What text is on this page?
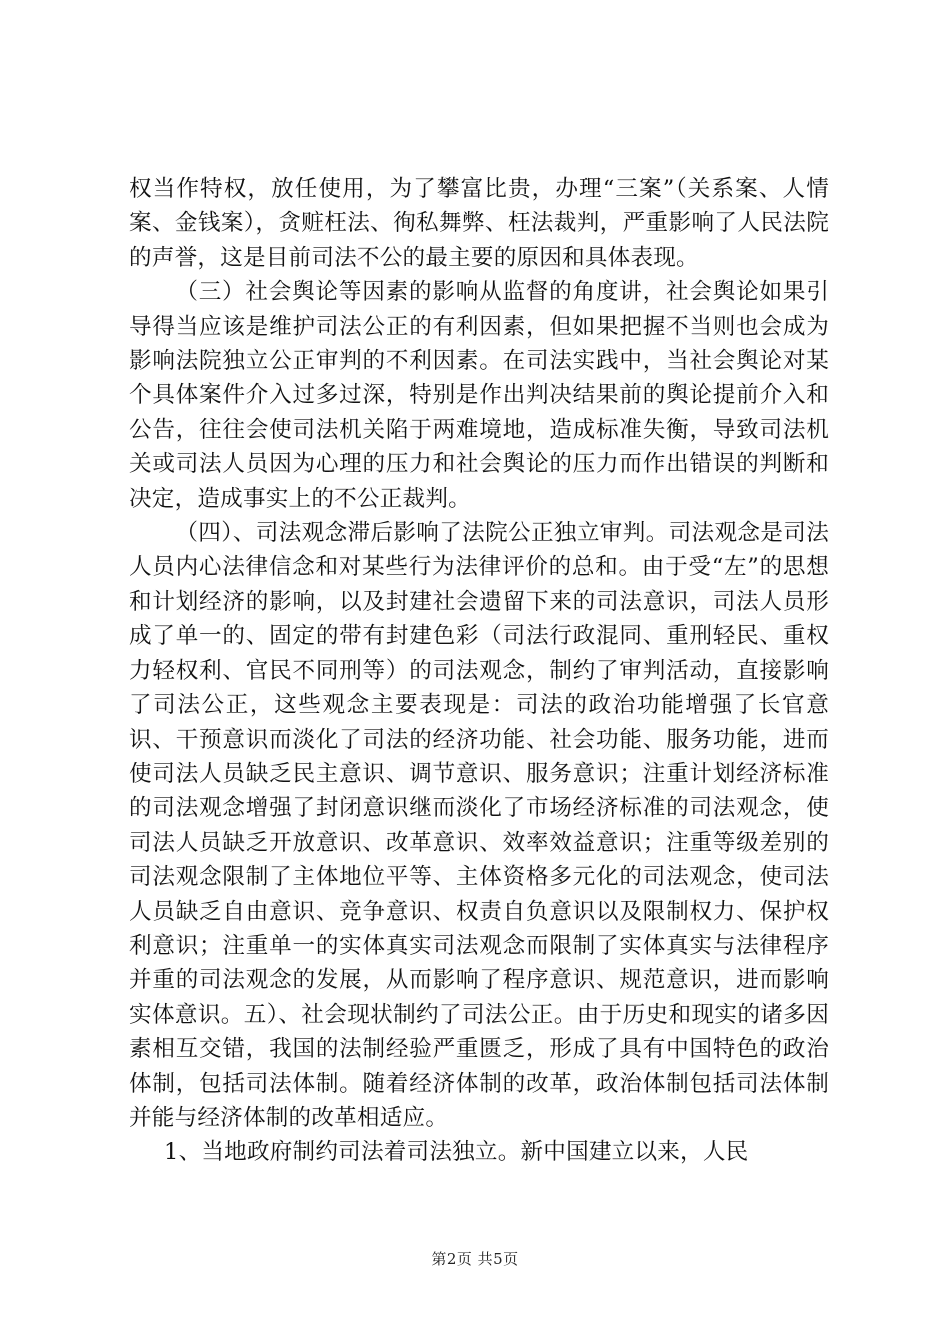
权当作特权，放任使用，为了攀富比贵，办理“三案”（关系案、人情案、金钱案），贪赃枉法、徇私舞弊、枉法裁判，严重影响了人民法院的声誉，这是目前司法不公的最主要的原因和具体表现。

（三）社会舆论等因素的影响从监督的角度讲，社会舆论如果引导得当应该是维护司法公正的有利因素，但如果把握不当则也会成为影响法院独立公正审判的不利因素。在司法实践中，当社会舆论对某个具体案件介入过多过深，特别是作出判决结果前的舆论提前介入和公告，往往会使司法机关陷于两难境地，造成标准失衡，导致司法机关或司法人员因为心理的压力和社会舆论的压力而作出错误的判断和决定，造成事实上的不公正裁判。

（四）、司法观念滞后影响了法院公正独立审判。司法观念是司法人员内心法律信念和对某些行为法律评价的总和。由于受“左”的思想和计划经济的影响，以及封建社会遗留下来的司法意识，司法人员形成了单一的、固定的带有封建色彩（司法行政混同、重刑轻民、重权力轻权利、官民不同刑等）的司法观念，制约了审判活动，直接影响了司法公正，这些观念主要表现是：司法的政治功能增强了长官意识、干预意识而淡化了司法的经济功能、社会功能、服务功能，进而使司法人员缺乏民主意识、调节意识、服务意识；注重计划经济标准的司法观念增强了封闭意识继而淡化了市场经济标准的司法观念，使司法人员缺乏开放意识、改革意识、效率效益意识；注重等级差别的司法观念限制了主体地位平等、主体资格多元化的司法观念，使司法人员缺乏自由意识、竞争意识、权责自负意识以及限制权力、保护权利意识；注重单一的实体真实司法观念而限制了实体真实与法律程序并重的司法观念的发展，从而影响了程序意识、规范意识，进而影响实体意识。五）、社会现状制约了司法公正。由于历史和现实的诸多因素相互交错，我国的法制经验严重匮乏，形成了具有中国特色的政治体制，包括司法体制。随着经济体制的改革，政治体制包括司法体制并能与经济体制的改革相适应。

1、当地政府制约司法着司法独立。新中国建立以来，人民

第2页 共5页
